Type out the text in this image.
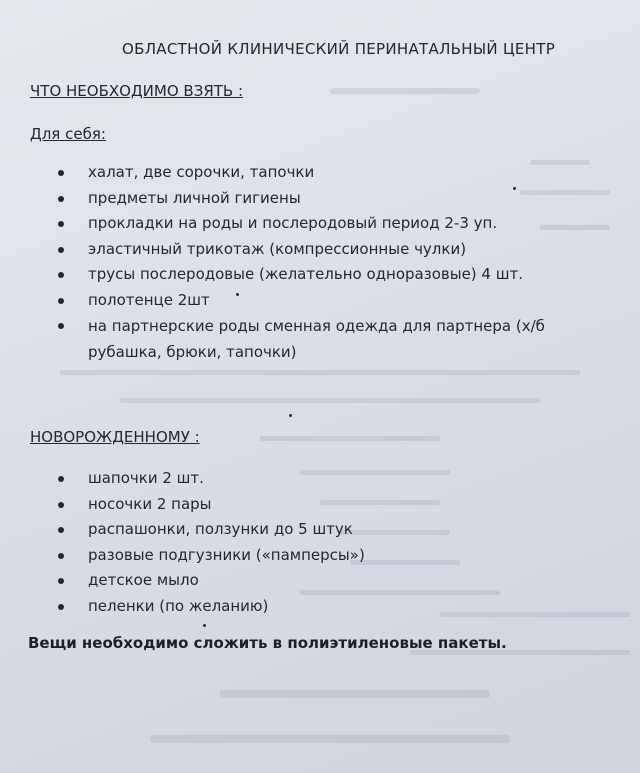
ОБЛАСТНОЙ КЛИНИЧЕСКИЙ ПЕРИНАТАЛЬНЫЙ ЦЕНТР
ЧТО НЕОБХОДИМО ВЗЯТЬ :
Для себя:
халат, две сорочки, тапочки
предметы личной гигиены
прокладки на роды и послеродовый период 2-3 уп.
эластичный трикотаж (компрессионные чулки)
трусы послеродовые (желательно одноразовые) 4 шт.
полотенце 2шт
на партнерские роды сменная одежда для партнера (х/б рубашка, брюки, тапочки)
НОВОРОЖДЕННОМУ :
шапочки 2 шт.
носочки 2 пары
распашонки, ползунки до 5 штук
разовые подгузники («памперсы»)
детское мыло
пеленки (по желанию)
Вещи необходимо сложить в полиэтиленовые пакеты.
